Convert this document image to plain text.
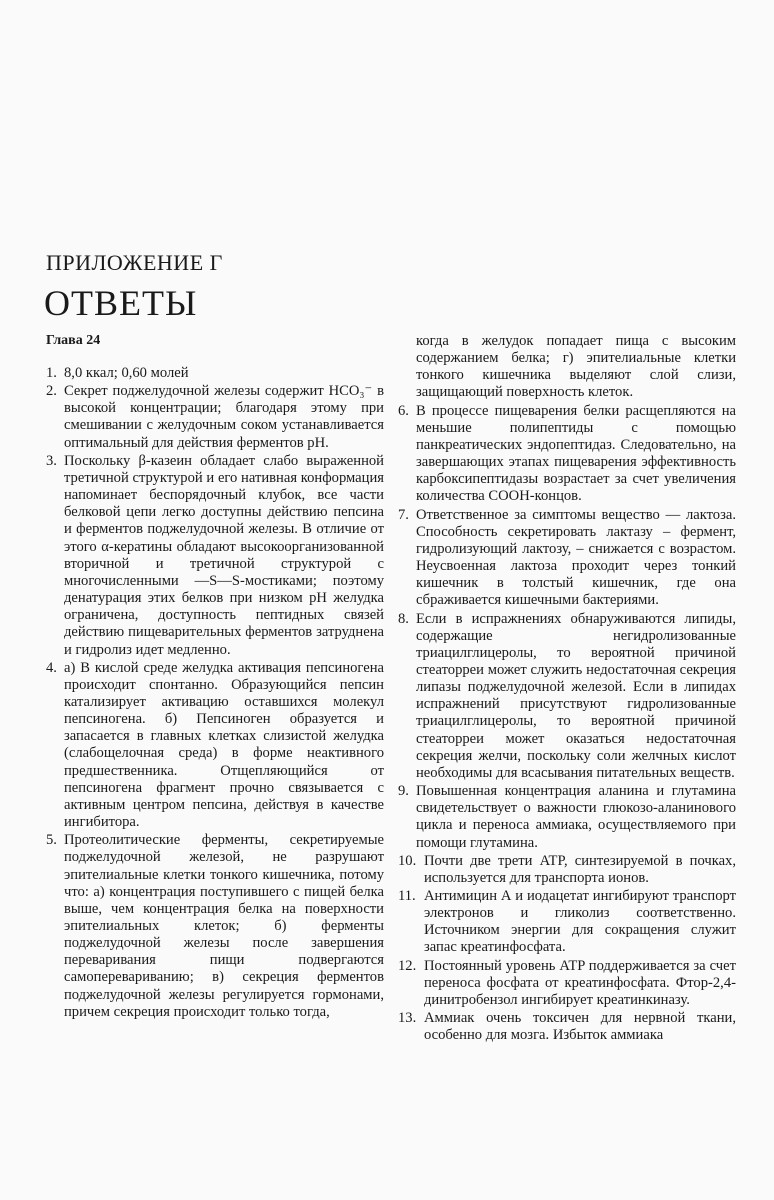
ПРИЛОЖЕНИЕ Г
ОТВЕТЫ
Глава 24
1. 8,0 ккал; 0,60 молей
2. Секрет поджелудочной железы содержит HCO₃⁻ в высокой концентрации; благодаря этому при смешивании с желудочным соком устанавливается оптимальный для действия ферментов pH.
3. Поскольку β-казеин обладает слабо выраженной третичной структурой и его нативная конформация напоминает беспорядочный клубок, все части белковой цепи легко доступны действию пепсина и ферментов поджелудочной железы. В отличие от этого α-кератины обладают высокоорганизованной вторичной и третичной структурой с многочисленными —S—S-мостиками; поэтому денатурация этих белков при низком pH желудка ограничена, доступность пептидных связей действию пищеварительных ферментов затруднена и гидролиз идет медленно.
4. а) В кислой среде желудка активация пепсиногена происходит спонтанно. Образующийся пепсин катализирует активацию оставшихся молекул пепсиногена. б) Пепсиноген образуется и запасается в главных клетках слизистой желудка (слабощелочная среда) в форме неактивного предшественника. Отщепляющийся от пепсиногена фрагмент прочно связывается с активным центром пепсина, действуя в качестве ингибитора.
5. Протеолитические ферменты, секретируемые поджелудочной железой, не разрушают эпителиальные клетки тонкого кишечника, потому что: а) концентрация поступившего с пищей белка выше, чем концентрация белка на поверхности эпителиальных клеток; б) ферменты поджелудочной железы после завершения переваривания пищи подвергаются самоперевариванию; в) секреция ферментов поджелудочной железы регулируется гормонами, причем секреция происходит только тогда,
когда в желудок попадает пища с высоким содержанием белка; г) эпителиальные клетки тонкого кишечника выделяют слой слизи, защищающий поверхность клеток.
6. В процессе пищеварения белки расщепляются на меньшие полипептиды с помощью панкреатических эндопептидаз. Следовательно, на завершающих этапах пищеварения эффективность карбоксипептидазы возрастает за счет увеличения количества СООН-концов.
7. Ответственное за симптомы вещество — лактоза. Способность секретировать лактазу – фермент, гидролизующий лактозу, – снижается с возрастом. Неусвоенная лактоза проходит через тонкий кишечник в толстый кишечник, где она сбраживается кишечными бактериями.
8. Если в испражнениях обнаруживаются липиды, содержащие негидролизованные триацилглицеролы, то вероятной причиной стеаторреи может служить недостаточная секреция липазы поджелудочной железой. Если в липидах испражнений присутствуют гидролизованные триацилглицеролы, то вероятной причиной стеаторреи может оказаться недостаточная секреция желчи, поскольку соли желчных кислот необходимы для всасывания питательных веществ.
9. Повышенная концентрация аланина и глутамина свидетельствует о важности глюкозо-аланинового цикла и переноса аммиака, осуществляемого при помощи глутамина.
10. Почти две трети ATP, синтезируемой в почках, используется для транспорта ионов.
11. Антимицин А и иодацетат ингибируют транспорт электронов и гликолиз соответственно. Источником энергии для сокращения служит запас креатинфосфата.
12. Постоянный уровень ATP поддерживается за счет переноса фосфата от креатинфосфата. Фтор-2,4-динитробензол ингибирует креатинкиназу.
13. Аммиак очень токсичен для нервной ткани, особенно для мозга. Избыток аммиака
